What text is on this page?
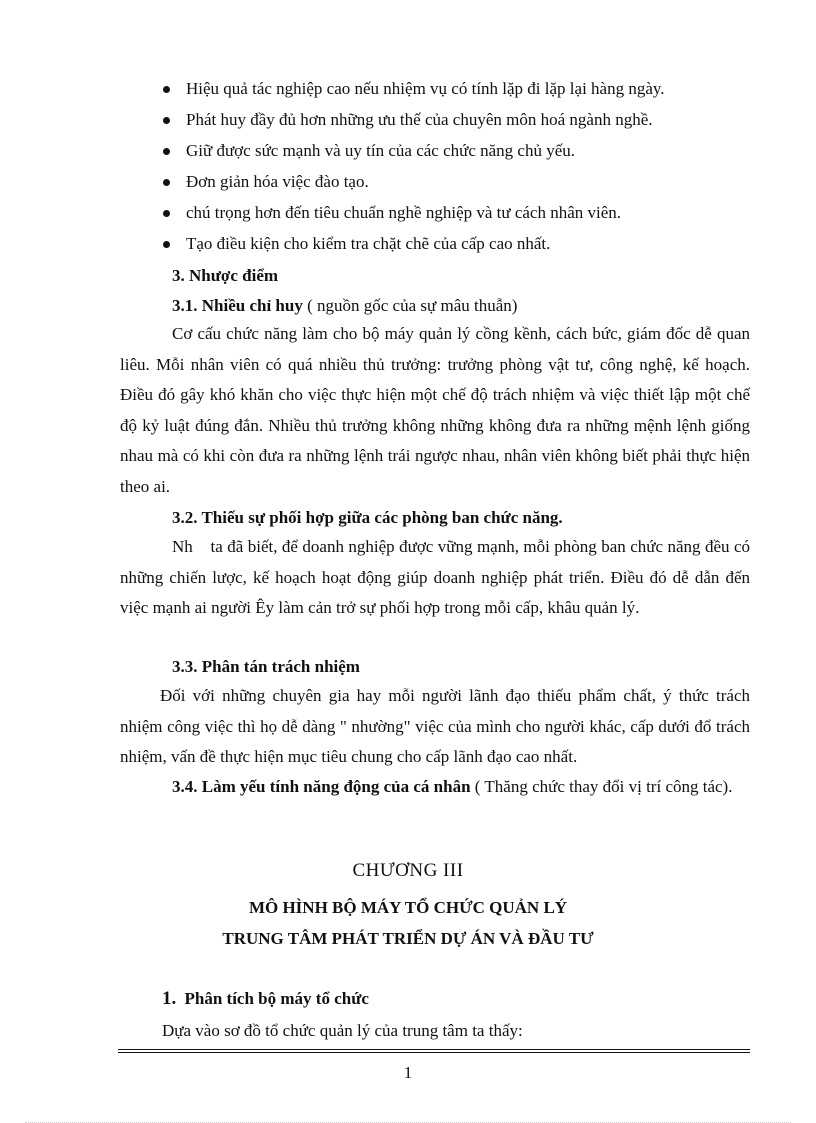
Hiệu quả tác nghiệp cao nếu nhiệm vụ có tính lặp đi lặp lại hàng ngày.
Phát huy đầy đủ hơn những ưu thế của chuyên môn hoá ngành nghề.
Giữ được sức mạnh và uy tín của các chức năng chủ yếu.
Đơn giản hóa việc đào tạo.
chú trọng hơn đến tiêu chuẩn nghề nghiệp và tư cách nhân viên.
Tạo điều kiện cho kiểm tra chặt chẽ của cấp cao nhất.
3. Nhược điểm
3.1. Nhiều chỉ huy ( nguồn gốc của sự mâu thuẫn)
Cơ cấu chức năng làm cho bộ máy quản lý cồng kềnh, cách bức, giám đốc dễ quan liêu. Mỗi nhân viên có quá nhiều thủ trưởng: trưởng phòng vật tư, công nghệ, kế hoạch. Điều đó gây khó khăn cho việc thực hiện một chế độ trách nhiệm và việc thiết lập một chế độ kỷ luật đúng đắn. Nhiều thủ trưởng không những không đưa ra những mệnh lệnh giống nhau mà có khi còn đưa ra những lệnh trái ngược nhau, nhân viên không biết phải thực hiện theo ai.
3.2. Thiếu sự phối hợp giữa các phòng ban chức năng.
Nh    ta đã biết, để doanh nghiệp được vững mạnh, mỗi phòng ban chức năng đều có những chiến lược, kế hoạch hoạt động giúp doanh nghiệp phát triển. Điều đó dễ dẫn đến việc mạnh ai người Êy làm cản trở sự phối hợp trong mỗi cấp, khâu quản lý.
3.3. Phân tán trách nhiệm
Đối với những chuyên gia hay mỗi người lãnh đạo thiếu phẩm chất, ý thức trách nhiệm công việc thì họ dễ dàng " nhường" việc của mình cho người khác, cấp dưới đổ trách nhiệm, vấn đề thực hiện mục tiêu chung cho cấp lãnh đạo cao nhất.
3.4. Làm yếu tính năng động của cá nhân ( Thăng chức thay đổi vị trí công tác).
CHƯƠNG III
MÔ HÌNH BỘ MÁY TỔ CHỨC QUẢN LÝ
TRUNG TÂM PHÁT TRIỂN DỰ ÁN VÀ ĐẦU TƯ
1. Phân tích bộ máy tổ chức
Dựa vào sơ đồ tổ chức quản lý của trung tâm ta thấy:
1
